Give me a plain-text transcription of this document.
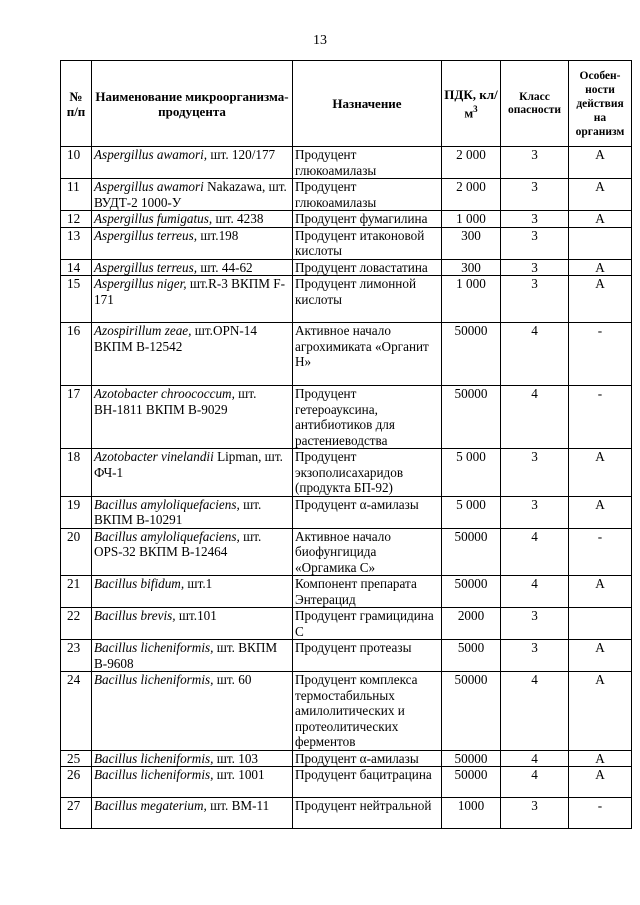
13
№ п/п	Наименование микроорганизма-продуцента	Назначение	ПДК, $кл/м^3$	Класс опасности	Особен-ности действия на организм
10	Aspergillus awamori, шт. 120/177	Продуцент глюкоамилазы	2 000	3	А
11	Aspergillus awamori Nakazawa, шт. ВУДТ-2 1000-У	Продуцент глюкоамилазы	2 000	3	А
12	Aspergillus fumigatus, шт. 4238	Продуцент фумагилина	1 000	3	А
13	Aspergillus terreus, шт.198	Продуцент итаконовой кислоты	300	3	
14	Aspergillus terreus, шт. 44-62	Продуцент ловастатина	300	3	А
15	Aspergillus niger, шт.R-3 ВКПМ F-171	Продуцент лимонной кислоты	1 000	3	А
16	Azospirillum zeae, шт.OPN-14 ВКПМ В-12542	Активное начало агрохимиката «Органит Н»	50000	4	-
17	Azotobacter chroococcum, шт. ВН-1811 ВКПМ В-9029	Продуцент гетероауксина, антибиотиков для растениеводства	50000	4	-
18	Azotobacter vinelandii Lipman, шт. ФЧ-1	Продуцент экзополисахаридов (продукта БП-92)	5 000	3	А
19	Bacillus amyloliquefaciens, шт. ВКПМ В-10291	Продуцент α-амилазы	5 000	3	А
20	Bacillus amyloliquefaciens, шт. OPS-32 ВКПМ В-12464	Активное начало биофунгицида «Оргамика С»	50000	4	-
21	Bacillus bifidum, шт.1	Компонент препарата Энтерацид	50000	4	А
22	Bacillus brevis, шт.101	Продуцент грамицидина С	2000	3	
23	Bacillus licheniformis, шт. ВКПМ В-9608	Продуцент протеазы	5000	3	А
24	Bacillus licheniformis, шт. 60	Продуцент комплекса термостабильных амилолитических и протеолитических ферментов	50000	4	А
25	Bacillus licheniformis, шт. 103	Продуцент α-амилазы	50000	4	А
26	Bacillus licheniformis, шт. 1001	Продуцент бацитрацина	50000	4	А
27	Bacillus megaterium, шт. ВМ-11	Продуцент нейтральной	1000	3	-
